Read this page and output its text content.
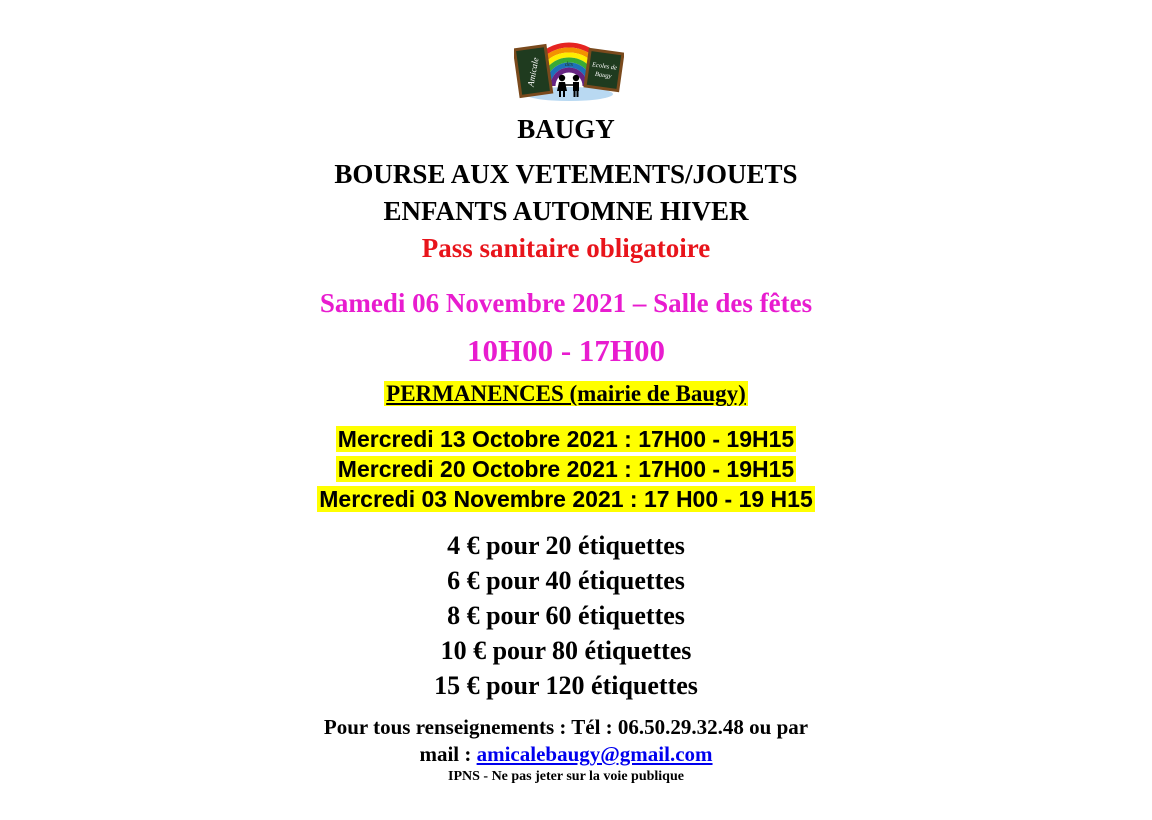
Amicale	Ecoles de
Baugy
des
BAUGY
BOURSE AUX VETEMENTS/JOUETS
ENFANTS AUTOMNE HIVER
Pass sanitaire obligatoire
Samedi 06 Novembre 2021 – Salle des fêtes
10H00 - 17H00
PERMANENCES (mairie de Baugy)
Mercredi 13 Octobre 2021 : 17H00 - 19H15
Mercredi 20 Octobre 2021 : 17H00 - 19H15
Mercredi 03 Novembre 2021 : 17 H00 - 19 H15
4 € pour 20 étiquettes
6 € pour 40 étiquettes
8 € pour 60 étiquettes
10 € pour 80 étiquettes
15 € pour 120 étiquettes
Pour tous renseignements : Tél : 06.50.29.32.48 ou par
mail : amicalebaugy@gmail.com
IPNS - Ne pas jeter sur la voie publique
